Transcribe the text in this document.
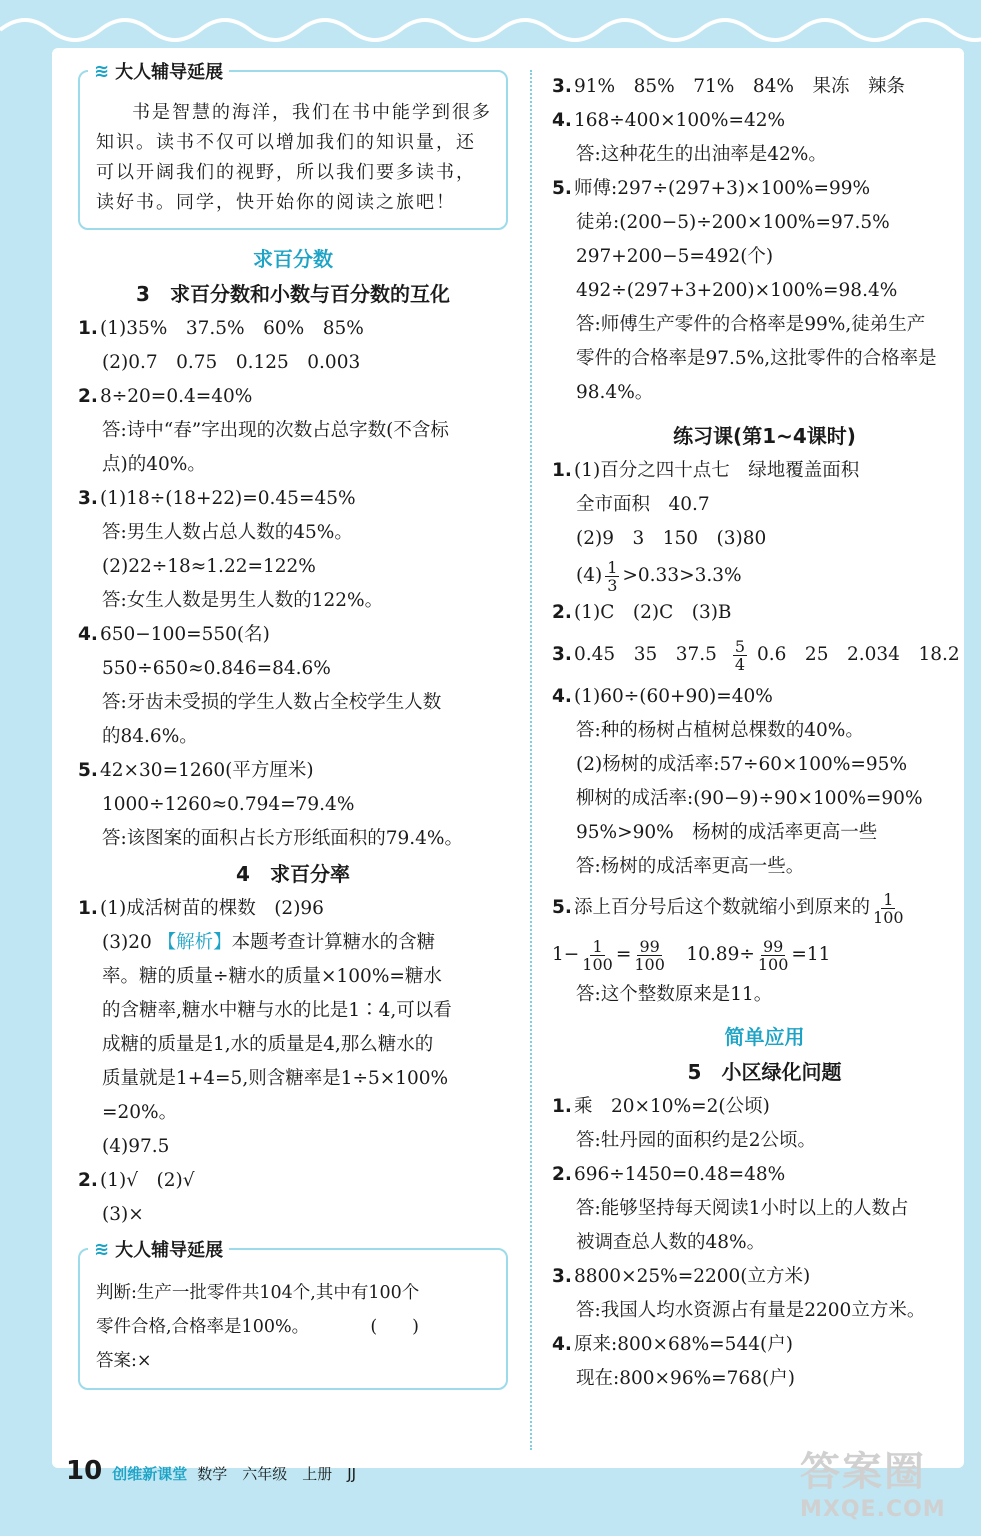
≋ 大人辅导延展
书是智慧的海洋，我们在书中能学到很多知识。读书不仅可以增加我们的知识量，还可以开阔我们的视野，所以我们要多读书，读好书。同学，快开始你的阅读之旅吧！
求百分数
3　求百分数和小数与百分数的互化
1. (1)35%　37.5%　60%　85%
(2)0.7　0.75　0.125　0.003
2. 8÷20=0.4=40%
答:诗中“春”字出现的次数占总字数(不含标
点)的40%。
3. (1)18÷(18+22)=0.45=45%
答:男生人数占总人数的45%。
(2)22÷18≈1.22=122%
答:女生人数是男生人数的122%。
4. 650−100=550(名)
550÷650≈0.846=84.6%
答:牙齿未受损的学生人数占全校学生人数
的84.6%。
5. 42×30=1260(平方厘米)
1000÷1260≈0.794=79.4%
答:该图案的面积占长方形纸面积的79.4%。
4　求百分率
1. (1)成活树苗的棵数　(2)96
(3)20 【解析】本题考查计算糖水的含糖
率。糖的质量÷糖水的质量×100%=糖水
的含糖率,糖水中糖与水的比是1∶4,可以看
成糖的质量是1,水的质量是4,那么糖水的
质量就是1+4=5,则含糖率是1÷5×100%
=20%。
(4)97.5
2. (1)√　(2)√
(3)×
≋ 大人辅导延展
判断:生产一批零件共104个,其中有100个
零件合格,合格率是100%。　　　　(　　)
答案:×
3. 91%　85%　71%　84%　果冻　辣条
4. 168÷400×100%=42%
答:这种花生的出油率是42%。
5. 师傅:297÷(297+3)×100%=99%
徒弟:(200−5)÷200×100%=97.5%
297+200−5=492(个)
492÷(297+3+200)×100%=98.4%
答:师傅生产零件的合格率是99%,徒弟生产
零件的合格率是97.5%,这批零件的合格率是
98.4%。
练习课(第1~4课时)
1. (1)百分之四十点七　绿地覆盖面积
全市面积　40.7
(2)9　3　150　(3)80
$(4) \frac{1}{3} >0.33>3.3\%$
2. (1)C　(2)C　(3)B
3. 0.45　35　$37.5 \frac{5}{4} 0.6$　25　2.034　18.2
4. (1)60÷(60+90)=40%
答:种的杨树占植树总棵数的40%。
(2)杨树的成活率:57÷60×100%=95%
柳树的成活率:(90−9)÷90×100%=90%
95%>90%　杨树的成活率更高一些
答:杨树的成活率更高一些。
5. 添上百分号后这个数就缩小到原来的 $\frac{1}{100}$
$1- \frac{1}{100} = \frac{99}{100}$ 　$10.89\div \frac{99}{100} =11$
答:这个整数原来是11。
简单应用
5　小区绿化问题
1. 乘　20×10%=2(公顷)
答:牡丹园的面积约是2公顷。
2. 696÷1450=0.48=48%
答:能够坚持每天阅读1小时以上的人数占
被调查总人数的48%。
3. 8800×25%=2200(立方米)
答:我国人均水资源占有量是2200立方米。
4. 原来:800×68%=544(户)
现在:800×96%=768(户)
10 创维新课堂 数学　六年级　上册　JJ	答案圈
MXQE.COM
